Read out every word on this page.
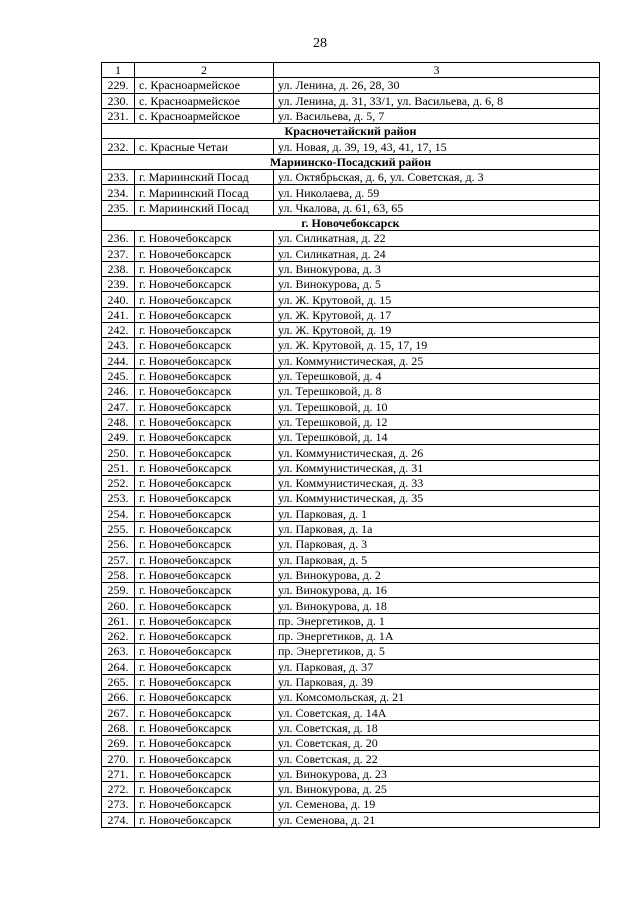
28
1	2	3
229.	с. Красноармейское	ул. Ленина, д. 26, 28, 30
230.	с. Красноармейское	ул. Ленина, д. 31, 33/1, ул. Васильева, д. 6, 8
231.	с. Красноармейское	ул. Васильева, д. 5, 7
Красночетайский район		
232.	с. Красные Четаи	ул. Новая, д. 39, 19, 43, 41, 17, 15
Мариинско-Посадский район		
233.	г. Мариинский Посад	ул. Октябрьская, д. 6, ул. Советская, д. 3
234.	г. Мариинский Посад	ул. Николаева, д. 59
235.	г. Мариинский Посад	ул. Чкалова, д. 61, 63, 65
г. Новочебоксарск		
236.	г. Новочебоксарск	ул. Силикатная, д. 22
237.	г. Новочебоксарск	ул. Силикатная, д. 24
238.	г. Новочебоксарск	ул. Винокурова, д. 3
239.	г. Новочебоксарск	ул. Винокурова, д. 5
240.	г. Новочебоксарск	ул. Ж. Крутовой, д. 15
241.	г. Новочебоксарск	ул. Ж. Крутовой, д. 17
242.	г. Новочебоксарск	ул. Ж. Крутовой, д. 19
243.	г. Новочебоксарск	ул. Ж. Крутовой, д. 15, 17, 19
244.	г. Новочебоксарск	ул. Коммунистическая, д. 25
245.	г. Новочебоксарск	ул. Терешковой, д. 4
246.	г. Новочебоксарск	ул. Терешковой, д. 8
247.	г. Новочебоксарск	ул. Терешковой, д. 10
248.	г. Новочебоксарск	ул. Терешковой, д. 12
249.	г. Новочебоксарск	ул. Терешковой, д. 14
250.	г. Новочебоксарск	ул. Коммунистическая, д. 26
251.	г. Новочебоксарск	ул. Коммунистическая, д. 31
252.	г. Новочебоксарск	ул. Коммунистическая, д. 33
253.	г. Новочебоксарск	ул. Коммунистическая, д. 35
254.	г. Новочебоксарск	ул. Парковая, д. 1
255.	г. Новочебоксарск	ул. Парковая, д. 1а
256.	г. Новочебоксарск	ул. Парковая, д. 3
257.	г. Новочебоксарск	ул. Парковая, д. 5
258.	г. Новочебоксарск	ул. Винокурова, д. 2
259.	г. Новочебоксарск	ул. Винокурова, д. 16
260.	г. Новочебоксарск	ул. Винокурова, д. 18
261.	г. Новочебоксарск	пр. Энергетиков, д. 1
262.	г. Новочебоксарск	пр. Энергетиков, д. 1А
263.	г. Новочебоксарск	пр. Энергетиков, д. 5
264.	г. Новочебоксарск	ул. Парковая, д. 37
265.	г. Новочебоксарск	ул. Парковая, д. 39
266.	г. Новочебоксарск	ул. Комсомольская, д. 21
267.	г. Новочебоксарск	ул. Советская, д. 14А
268.	г. Новочебоксарск	ул. Советская, д. 18
269.	г. Новочебоксарск	ул. Советская, д. 20
270.	г. Новочебоксарск	ул. Советская, д. 22
271.	г. Новочебоксарск	ул. Винокурова, д. 23
272.	г. Новочебоксарск	ул. Винокурова, д. 25
273.	г. Новочебоксарск	ул. Семенова, д. 19
274.	г. Новочебоксарск	ул. Семенова, д. 21
